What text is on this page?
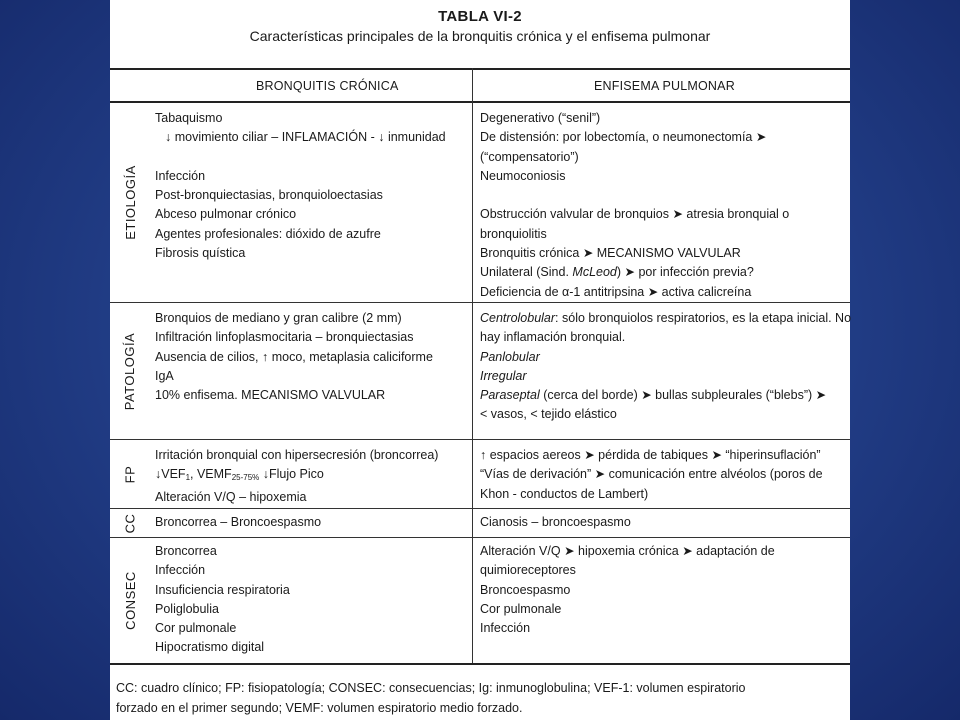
TABLA VI-2
Características principales de la bronquitis crónica y el enfisema pulmonar
BRONQUITIS CRÓNICA	ENFISEMA PULMONAR
ETIOLOGÍA
Tabaquismo
↓ movimiento ciliar – INFLAMACIÓN - ↓ inmunidad
Infección
Post-bronquiectasias, bronquioloectasias
Abceso pulmonar crónico
Agentes profesionales: dióxido de azufre
Fibrosis quística
Degenerativo (“senil”)
De distensión: por lobectomía, o neumonectomía ➤
(“compensatorio”)
Neumoconiosis
Obstrucción valvular de bronquios ➤ atresia bronquial o
bronquiolitis
Bronquitis crónica ➤ MECANISMO VALVULAR
Unilateral (Sind. McLeod) ➤ por infección previa?
Deficiencia de α-1 antitripsina ➤ activa calicreína
PATOLOGÍA
Bronquios de mediano y gran calibre (2 mm)
Infiltración linfoplasmocitaria – bronquiectasias
Ausencia de cilios, ↑ moco, metaplasia caliciforme
IgA
10% enfisema. MECANISMO VALVULAR
Centrolobular: sólo bronquiolos respiratorios, es la etapa inicial. No
hay inflamación bronquial.
Panlobular
Irregular
Paraseptal (cerca del borde) ➤ bullas subpleurales (“blebs”) ➤
< vasos, < tejido elástico
FP
Irritación bronquial con hipersecresión (broncorrea)
$↓VEF_1$, $VEMF_{25-75\%}$ ↓Flujo Pico
Alteración V/Q – hipoxemia
↑ espacios aereos ➤ pérdida de tabiques ➤ “hiperinsuflación”
“Vías de derivación” ➤ comunicación entre alvéolos (poros de
Khon - conductos de Lambert)
CC Broncorrea – Broncoespasmo	Cianosis – broncoespasmo
CONSEC
Broncorrea
Infección
Insuficiencia respiratoria
Poliglobulia
Cor pulmonale
Hipocratismo digital
Alteración V/Q ➤ hipoxemia crónica ➤ adaptación de
quimioreceptores
Broncoespasmo
Cor pulmonale
Infección
CC: cuadro clínico; FP: fisiopatología; CONSEC: consecuencias; Ig: inmunoglobulina; VEF-1: volumen espiratorio
forzado en el primer segundo; VEMF: volumen espiratorio medio forzado.
